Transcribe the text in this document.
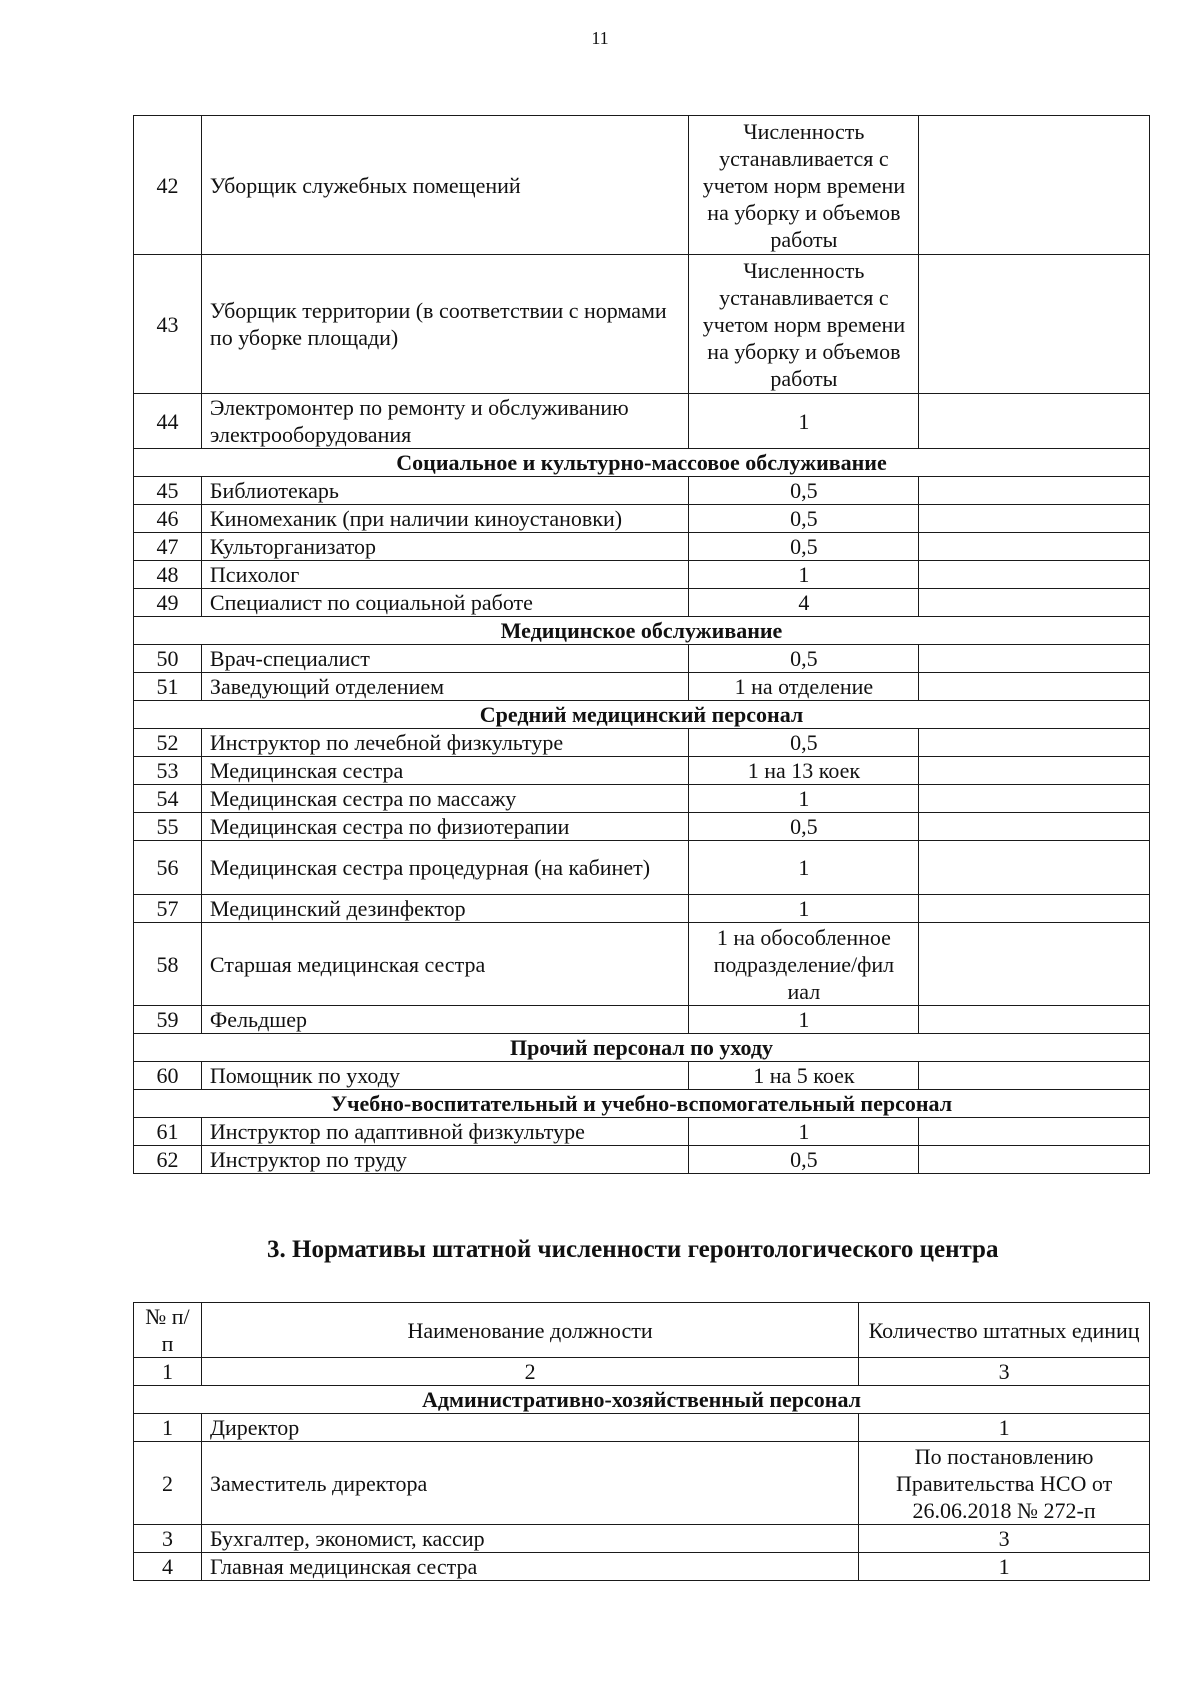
11
42	Уборщик служебных помещений	Численность устанавливается с учетом норм времени на уборку и объемов работы	
43	Уборщик территории (в соответствии с нормами по уборке площади)	Численность устанавливается с учетом норм времени на уборку и объемов работы	
44	Электромонтер по ремонту и обслуживанию электрооборудования	1	
Социальное и культурно-массовое обслуживание			
45	Библиотекарь	0,5	
46	Киномеханик (при наличии киноустановки)	0,5	
47	Культорганизатор	0,5	
48	Психолог	1	
49	Специалист по социальной работе	4	
Медицинское обслуживание			
50	Врач-специалист	0,5	
51	Заведующий отделением	1 на отделение	
Средний медицинский персонал			
52	Инструктор по лечебной физкультуре	0,5	
53	Медицинская сестра	1 на 13 коек	
54	Медицинская сестра по массажу	1	
55	Медицинская сестра по физиотерапии	0,5	
56	Медицинская сестра процедурная (на кабинет)	1	
57	Медицинский дезинфектор	1	
58	Старшая медицинская сестра	1 на обособленное подразделение/фил иал	
59	Фельдшер	1	
Прочий персонал по уходу			
60	Помощник по уходу	1 на 5 коек	
Учебно-воспитательный и учебно-вспомогательный персонал			
61	Инструктор по адаптивной физкультуре	1	
62	Инструктор по труду	0,5	
3. Нормативы штатной численности геронтологического центра
№ п/п	Наименование должности	Количество штатных единиц
1	2	3
Административно-хозяйственный персонал		
1	Директор	1
2	Заместитель директора	По постановлению Правительства НСО от 26.06.2018 № 272-п
3	Бухгалтер, экономист, кассир	3
4	Главная медицинская сестра	1
